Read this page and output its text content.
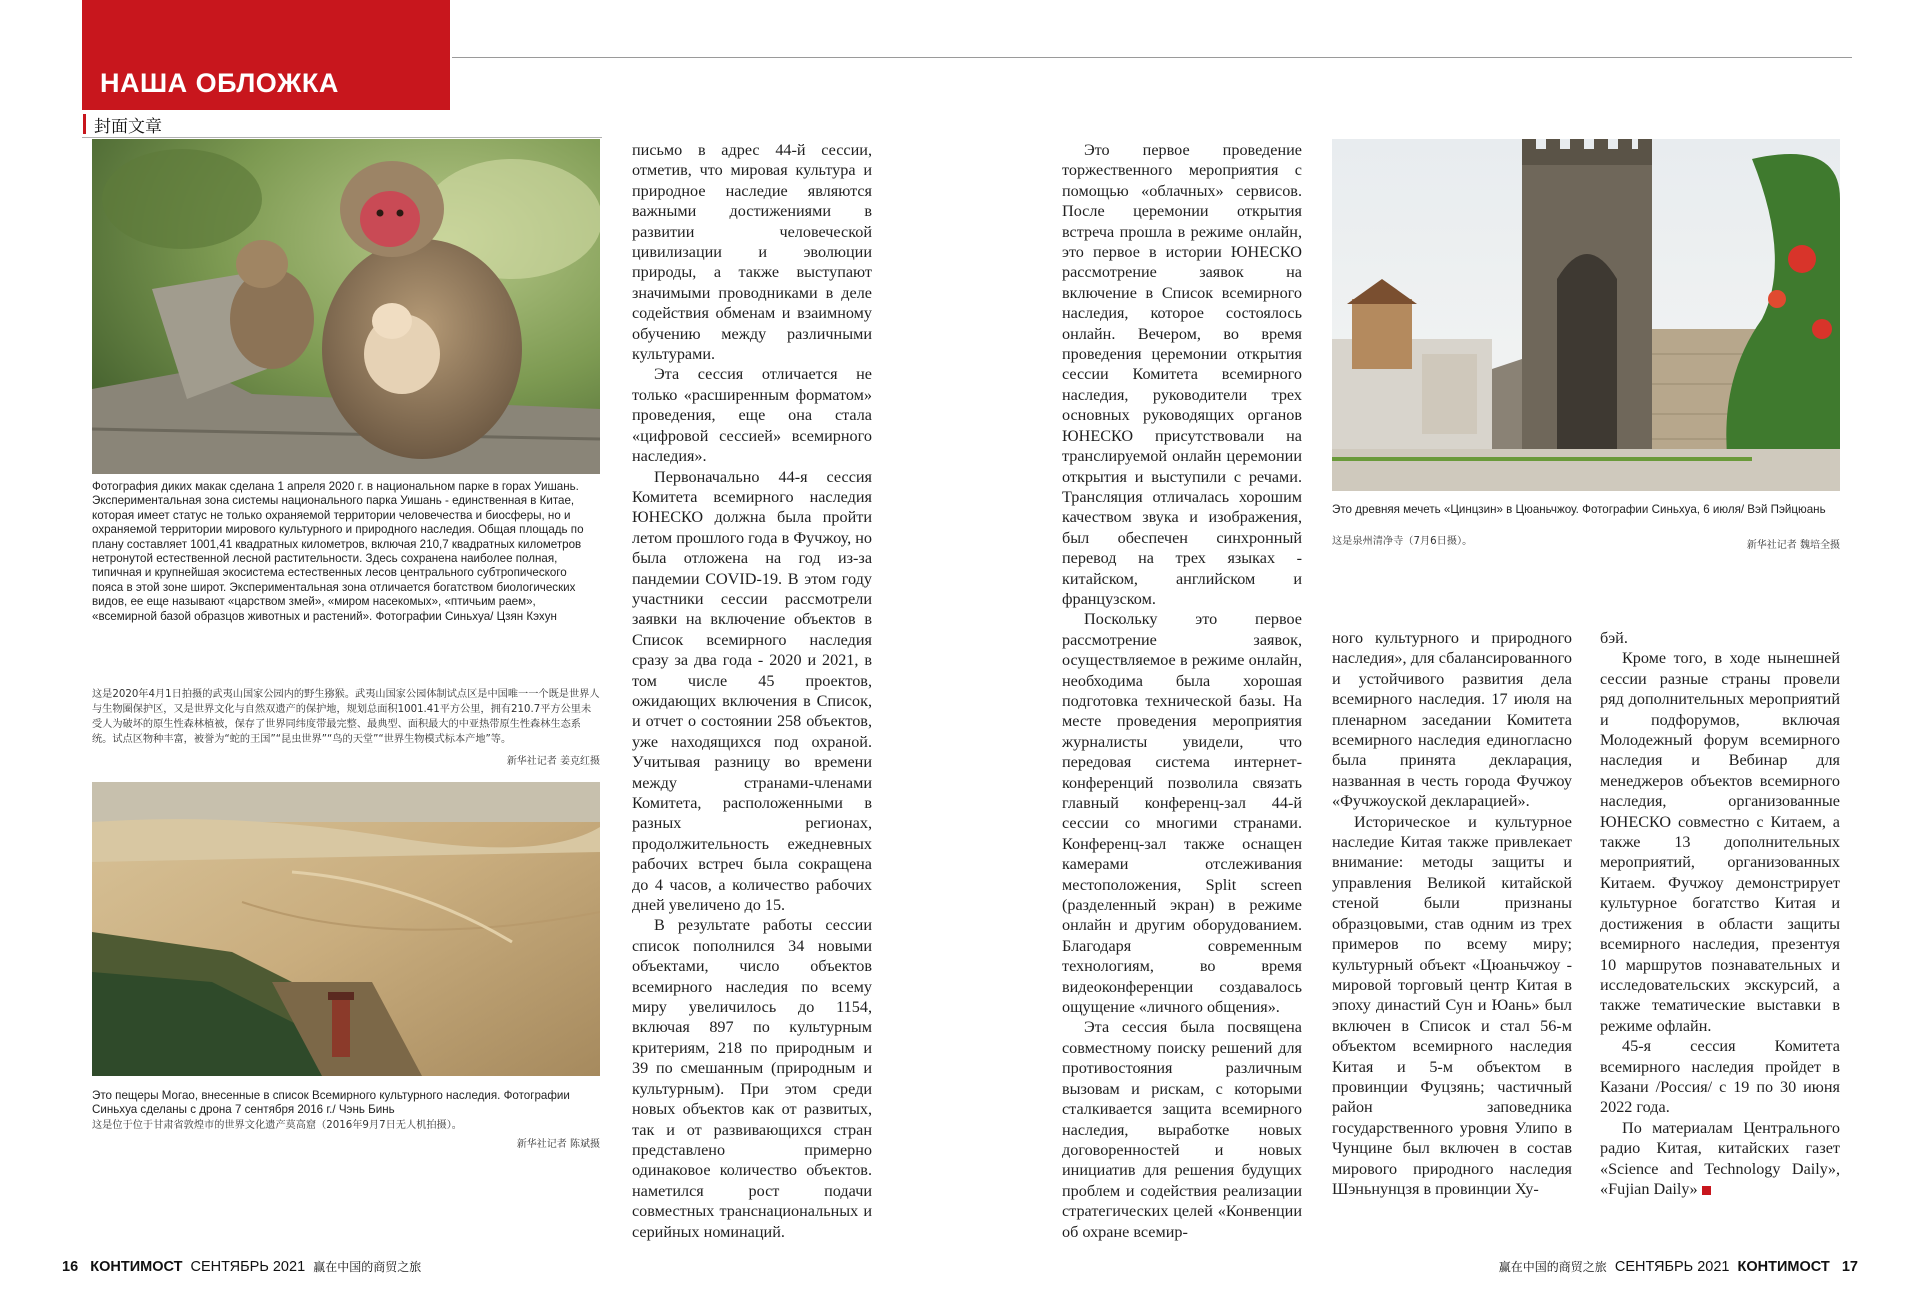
НАША ОБЛОЖКА
封面文章
Фотография диких макак сделана 1 апреля 2020 г. в национальном парке в горах Уишань. Экспериментальная зона системы национального парка Уишань - единственная в Китае, которая имеет статус не только охраняемой территории человечества и биосферы, но и охраняемой территории мирового культурного и природного наследия. Общая площадь по плану составляет 1001,41 квадратных километров, включая 210,7 квадратных километров нетронутой естественной лесной растительности. Здесь сохранена наиболее полная, типичная и крупнейшая экосистема естественных лесов центрального субтропического пояса в этой зоне широт. Экспериментальная зона отличается богатством биологических видов, ее еще называют «царством змей», «миром насекомых», «птичьим раем», «всемирной базой образцов животных и растений». Фотографии Синьхуа/ Цзян Кэхун
这是2020年4月1日拍摄的武夷山国家公园内的野生猕猴。武夷山国家公园体制试点区是中国唯一一个既是世界人与生物圈保护区，又是世界文化与自然双遗产的保护地，规划总面积1001.41平方公里，拥有210.7平方公里未受人为破坏的原生性森林植被，保存了世界同纬度带最完整、最典型、面积最大的中亚热带原生性森林生态系统。试点区物种丰富，被誉为“蛇的王国”“昆虫世界”“鸟的天堂”“世界生物模式标本产地”等。
新华社记者 姜克红摄
Это пещеры Могао, внесенные в список Всемирного культурного наследия. Фотографии Синьхуа сделаны с дрона 7 сентября 2016 г./ Чэнь Бинь
这是位于位于甘肃省敦煌市的世界文化遗产莫高窟（2016年9月7日无人机拍摄）。
新华社记者 陈斌摄

письмо в адрес 44-й сессии, отметив, что мировая культура и природное наследие являются важными достижениями в развитии человеческой цивилизации и эволюции природы, а также выступают значимыми проводниками в деле содействия обменам и взаимному обучению между различными культурами.

Эта сессия отличается не только «расширенным форматом» проведения, еще она стала «цифровой сессией» всемирного наследия».

Первоначально 44-я сессия Комитета всемирного наследия ЮНЕСКО должна была пройти летом прошлого года в Фучжоу, но была отложена на год из-за пандемии COVID-19. В этом году участники сессии рассмотрели заявки на включение объектов в Список всемирного наследия сразу за два года - 2020 и 2021, в том числе 45 проектов, ожидающих включения в Список, и отчет о состоянии 258 объектов, уже находящихся под охраной. Учитывая разницу во времени между странами-членами Комитета, расположенными в разных регионах, продолжительность ежедневных рабочих встреч была сокращена до 4 часов, а количество рабочих дней увеличено до 15.

В результате работы сессии список пополнился 34 новыми объектами, число объектов всемирного наследия по всему миру увеличилось до 1154, включая 897 по культурным критериям, 218 по природным и 39 по смешанным (природным и культурным). При этом среди новых объектов как от развитых, так и от развивающихся стран представлено примерно одинаковое количество объектов. наметился рост подачи совместных транснациональных и серийных номинаций.

Это древняя мечеть «Цинцзин» в Цюаньчжоу. Фотографии Синьхуа, 6 июля/ Вэй Пэйцюань
这是泉州清净寺（7月6日摄）。	新华社记者 魏培全摄

Это первое проведение торжественного мероприятия с помощью «облачных» сервисов. После церемонии открытия встреча прошла в режиме онлайн, это первое в истории ЮНЕСКО рассмотрение заявок на включение в Список всемирного наследия, которое состоялось онлайн. Вечером, во время проведения церемонии открытия сессии Комитета всемирного наследия, руководители трех основных руководящих органов ЮНЕСКО присутствовали на транслируемой онлайн церемонии открытия и выступили с речами. Трансляция отличалась хорошим качеством звука и изображения, был обеспечен синхронный перевод на трех языках - китайском, английском и французском.

Поскольку это первое рассмотрение заявок, осуществляемое в режиме онлайн, необходима была хорошая подготовка технической базы. На месте проведения мероприятия журналисты увидели, что передовая система интернет-конференций позволила связать главный конференц-зал 44-й сессии со многими странами. Конференц-зал также оснащен камерами отслеживания местоположения, Split screen (разделенный экран) в режиме онлайн и другим оборудованием. Благодаря современным технологиям, во время видеоконференции создавалось ощущение «личного общения».

Эта сессия была посвящена совместному поиску решений для противостояния различным вызовам и рискам, с которыми сталкивается защита всемирного наследия, выработке новых договоренностей и новых инициатив для решения будущих проблем и содействия реализации стратегических целей «Конвенции об охране всемир-

ного культурного и природного наследия», для сбалансированного и устойчивого развития дела всемирного наследия. 17 июля на пленарном заседании Комитета всемирного наследия единогласно была принята декларация, названная в честь города Фучжоу «Фучжоуской декларацией».

Историческое и культурное наследие Китая также привлекает внимание: методы защиты и управления Великой китайской стеной были признаны образцовыми, став одним из трех примеров по всему миру; культурный объект «Цюаньчжоу - мировой торговый центр Китая в эпоху династий Сун и Юань» был включен в Список и стал 56-м объектом всемирного наследия Китая и 5-м объектом в провинции Фуцзянь; частичный район заповедника государственного уровня Улипо в Чунцине был включен в состав мирового природного наследия Шэньнунцзя в провинции Ху-

бэй.

Кроме того, в ходе нынешней сессии разные страны провели ряд дополнительных мероприятий и подфорумов, включая Молодежный форум всемирного наследия и Вебинар для менеджеров объектов всемирного наследия, организованные ЮНЕСКО совместно с Китаем, а также 13 дополнительных мероприятий, организованных Китаем. Фучжоу демонстрирует культурное богатство Китая и достижения в области защиты всемирного наследия, презентуя 10 маршрутов познавательных и исследовательских экскурсий, а также тематические выставки в режиме офлайн.

45-я сессия Комитета всемирного наследия пройдет в Казани /Россия/ с 19 по 30 июня 2022 года.

По материалам Центрального радио Китая, китайских газет «Science and Technology Daily», «Fujian Daily»

16 КОНТИМОСТ СЕНТЯБРЬ 2021 赢在中国的商贸之旅	赢在中国的商贸之旅 СЕНТЯБРЬ 2021 КОНТИМОСТ 17
